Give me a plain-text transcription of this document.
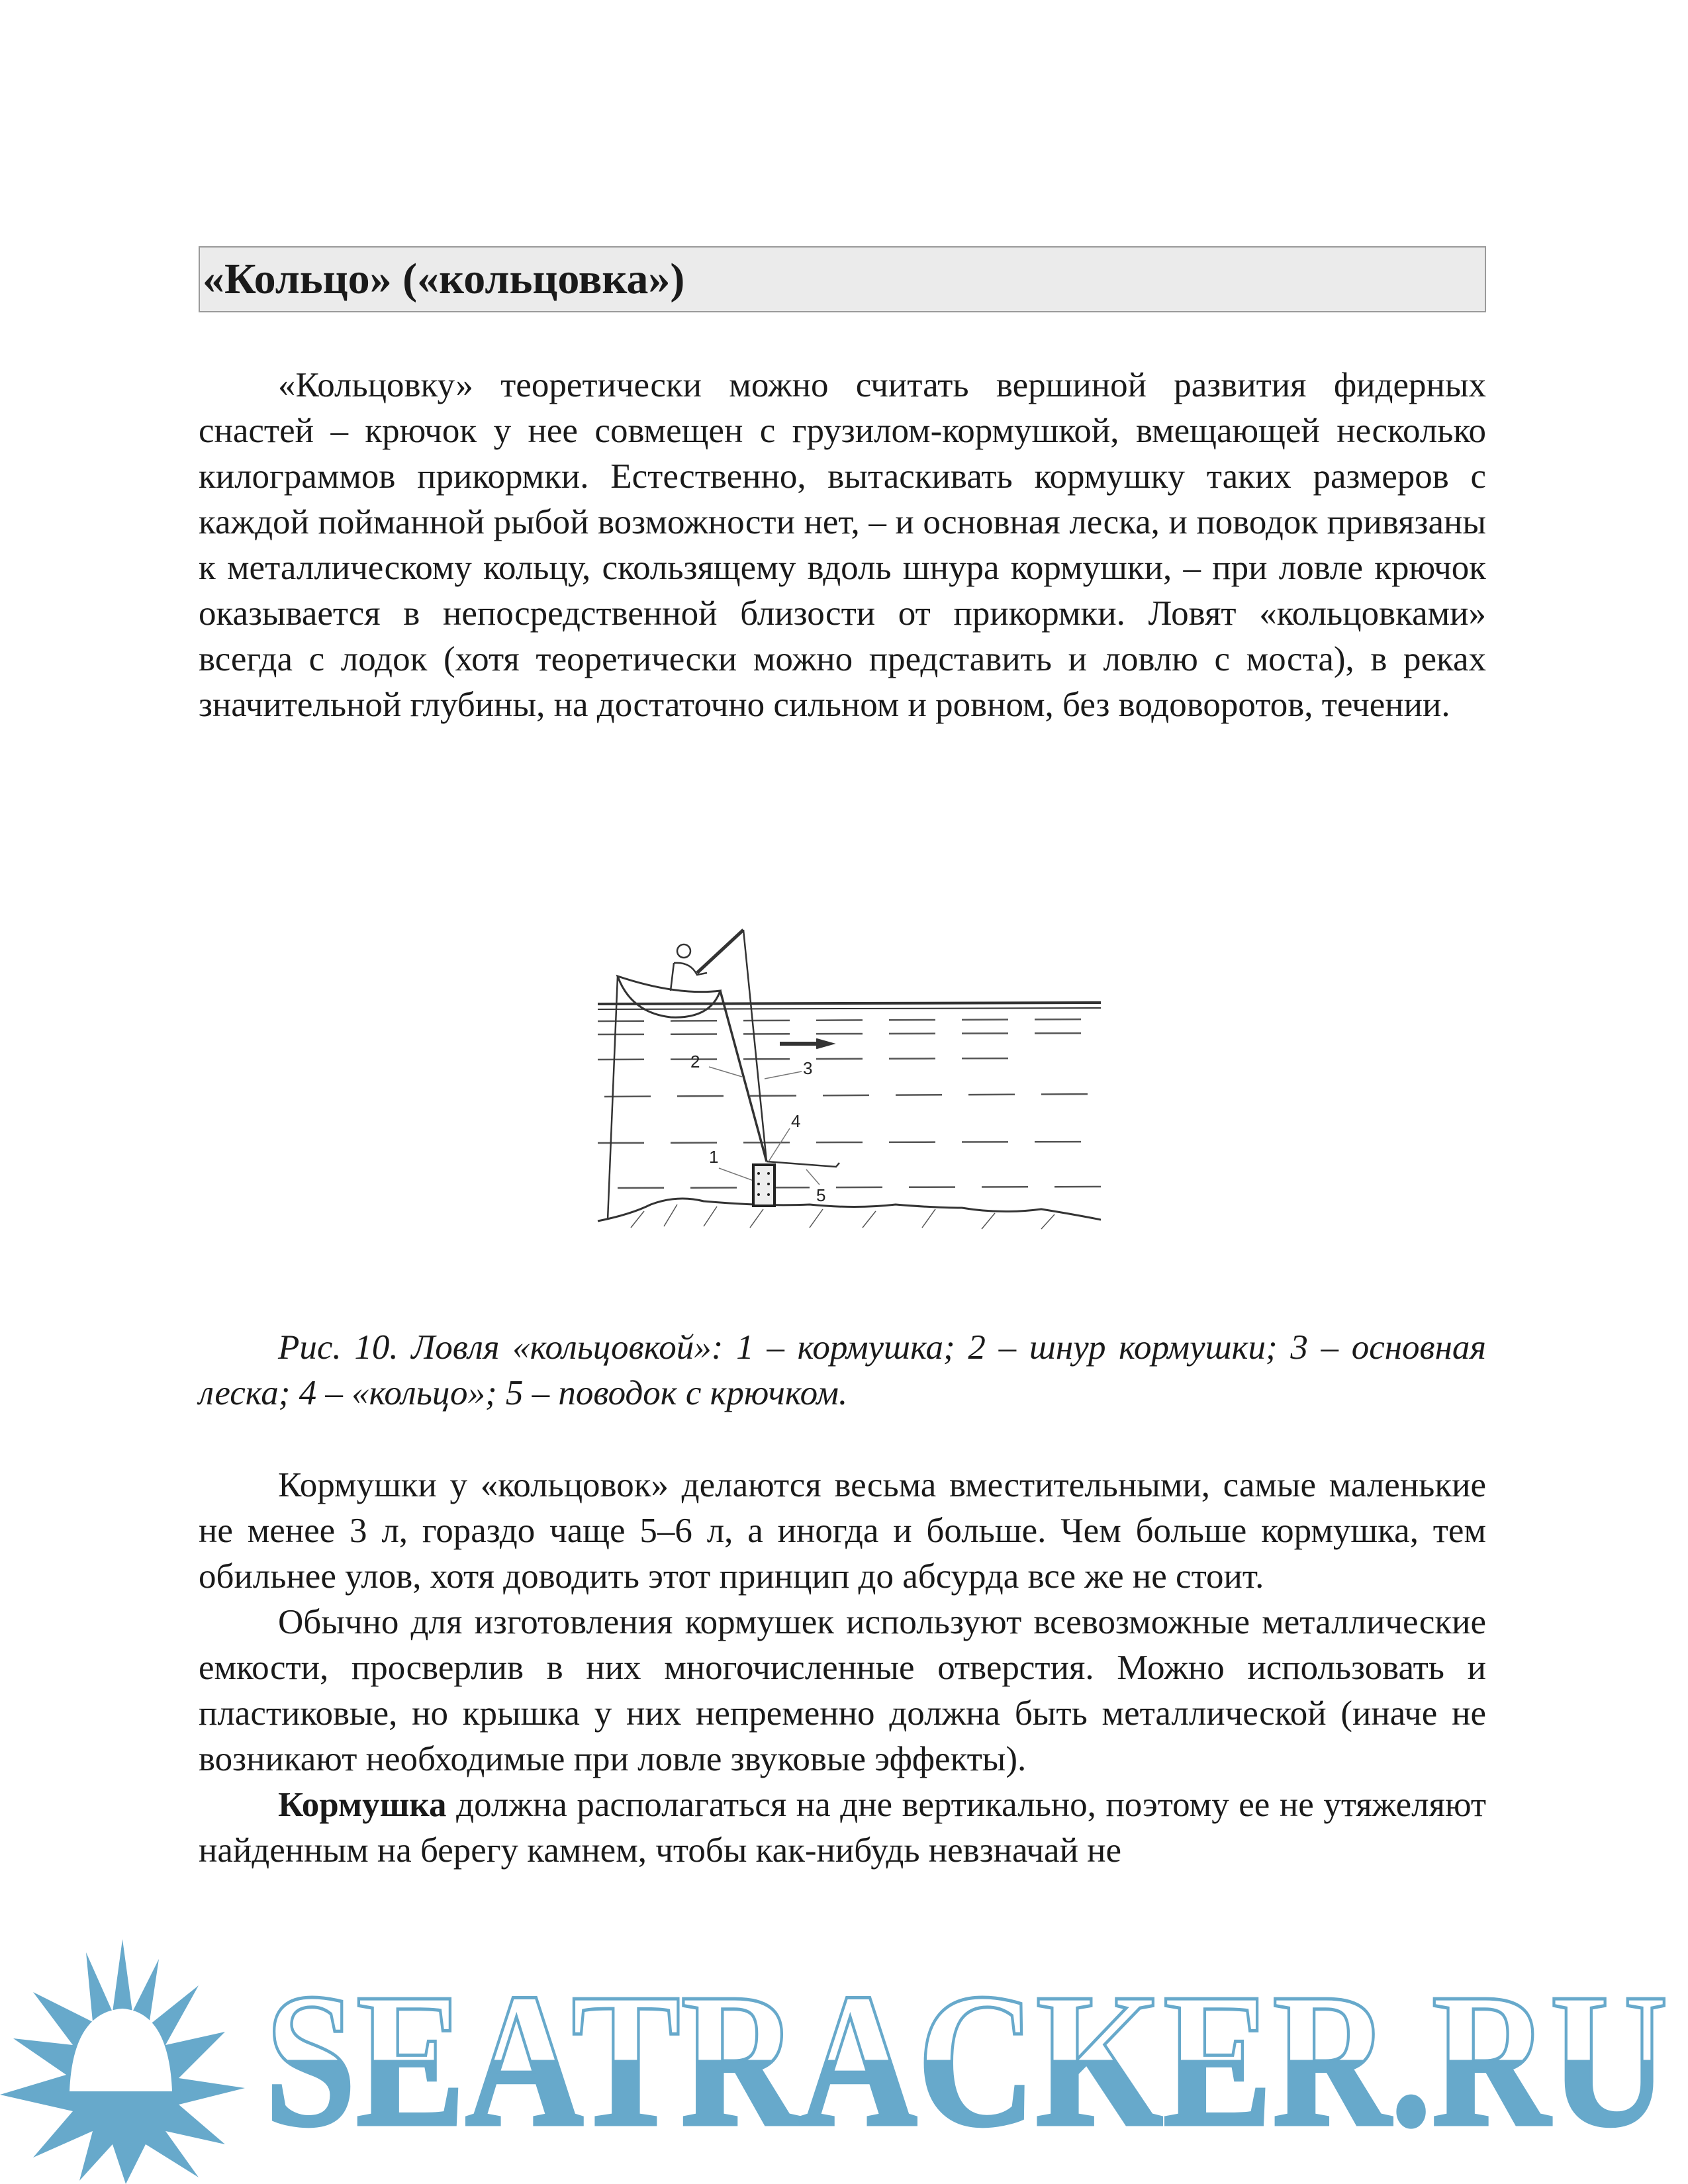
«Кольцо» («кольцовка»)

«Кольцовку» теоретически можно считать вершиной развития фидерных снастей – крючок у нее совмещен с грузилом-кормушкой, вмещающей несколько килограммов прикормки. Естественно, вытаскивать кормушку таких размеров с каждой пойманной рыбой возможности нет, – и основная леска, и поводок привязаны к металлическому кольцу, скользящему вдоль шнура кормушки, – при ловле крючок оказывается в непосредственной близости от прикормки. Ловят «кольцовками» всегда с лодок (хотя теоретически можно представить и ловлю с моста), в реках значительной глубины, на достаточно сильном и ровном, без водоворотов, течении.

1
2	3
4
5

Рис. 10. Ловля «кольцовкой»: 1 – кормушка; 2 – шнур кормушки; 3 – основная леска; 4 – «кольцо»; 5 – поводок с крючком.

Кормушки у «кольцовок» делаются весьма вместительными, самые маленькие не менее 3 л, гораздо чаще 5–6 л, а иногда и больше. Чем больше кормушка, тем обильнее улов, хотя доводить этот принцип до абсурда все же не стоит.

Обычно для изготовления кормушек используют всевозможные металлические емкости, просверлив в них многочисленные отверстия. Можно использовать и пластиковые, но крышка у них непременно должна быть металлической (иначе не возникают необходимые при ловле звуковые эффекты).

Кормушка должна располагаться на дне вертикально, поэтому ее не утяжеляют найденным на берегу камнем, чтобы как-нибудь невзначай не

SEATRACKER.RU
